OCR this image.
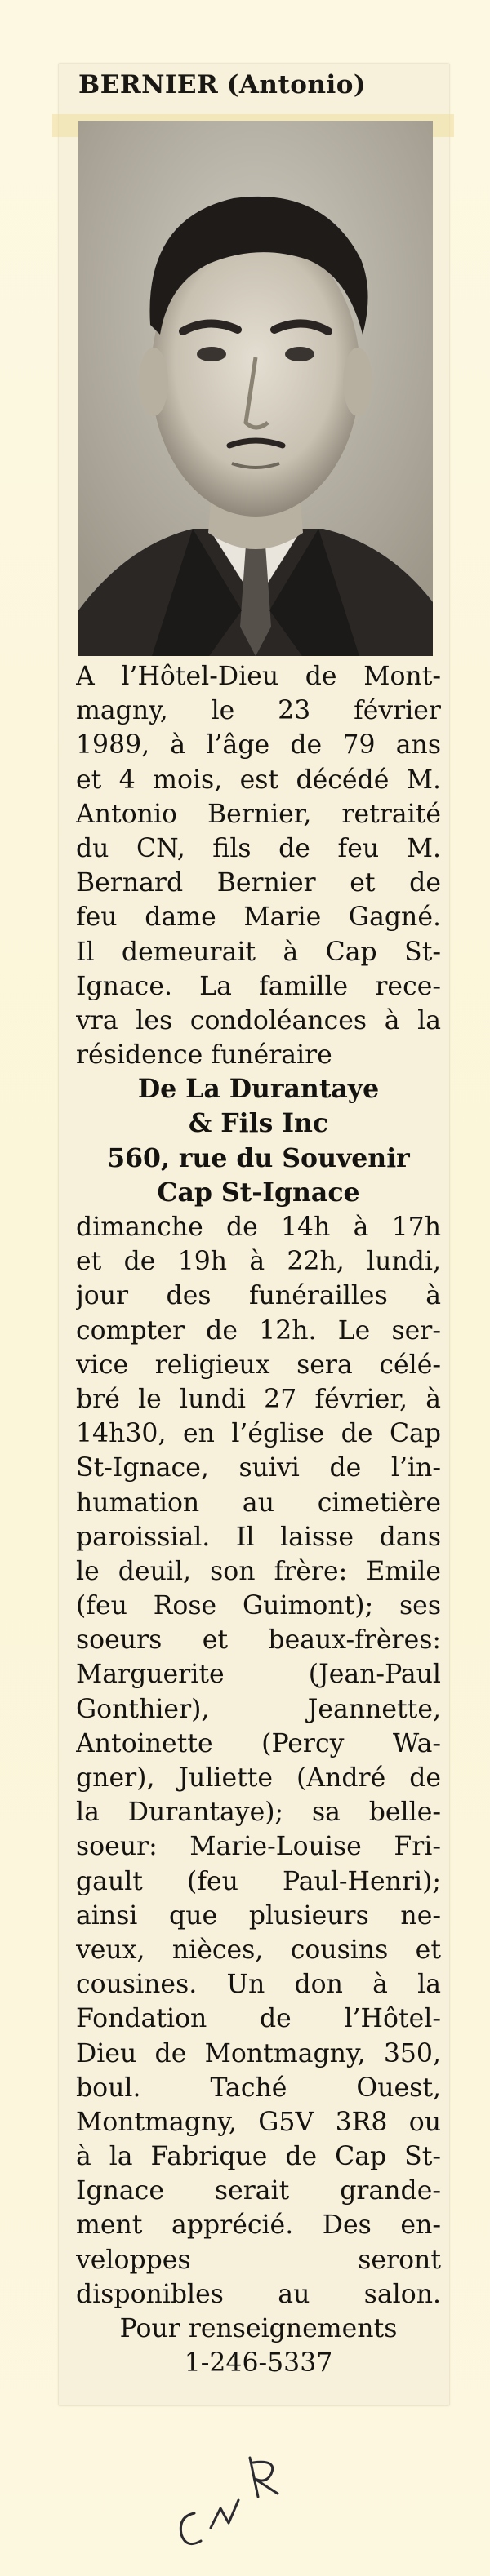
BERNIER (Antonio)
A l’Hôtel-Dieu de Mont-
magny, le 23 février
1989, à l’âge de 79 ans
et 4 mois, est décédé M.
Antonio Bernier, retraité
du CN, fils de feu M.
Bernard Bernier et de
feu dame Marie Gagné.
Il demeurait à Cap St-
Ignace. La famille rece-
vra les condoléances à la
résidence funéraire
De La Durantaye
& Fils Inc
560, rue du Souvenir
Cap St-Ignace
dimanche de 14h à 17h
et de 19h à 22h, lundi,
jour des funérailles à
compter de 12h. Le ser-
vice religieux sera célé-
bré le lundi 27 février, à
14h30, en l’église de Cap
St-Ignace, suivi de l’in-
humation au cimetière
paroissial. Il laisse dans
le deuil, son frère: Emile
(feu Rose Guimont); ses
soeurs et beaux-frères:
Marguerite (Jean-Paul
Gonthier), Jeannette,
Antoinette (Percy Wa-
gner), Juliette (André de
la Durantaye); sa belle-
soeur: Marie-Louise Fri-
gault (feu Paul-Henri);
ainsi que plusieurs ne-
veux, nièces, cousins et
cousines. Un don à la
Fondation de l’Hôtel-
Dieu de Montmagny, 350,
boul. Taché Ouest,
Montmagny, G5V 3R8 ou
à la Fabrique de Cap St-
Ignace serait grande-
ment apprécié. Des en-
veloppes seront
disponibles au salon.
Pour renseignements
1-246-5337
